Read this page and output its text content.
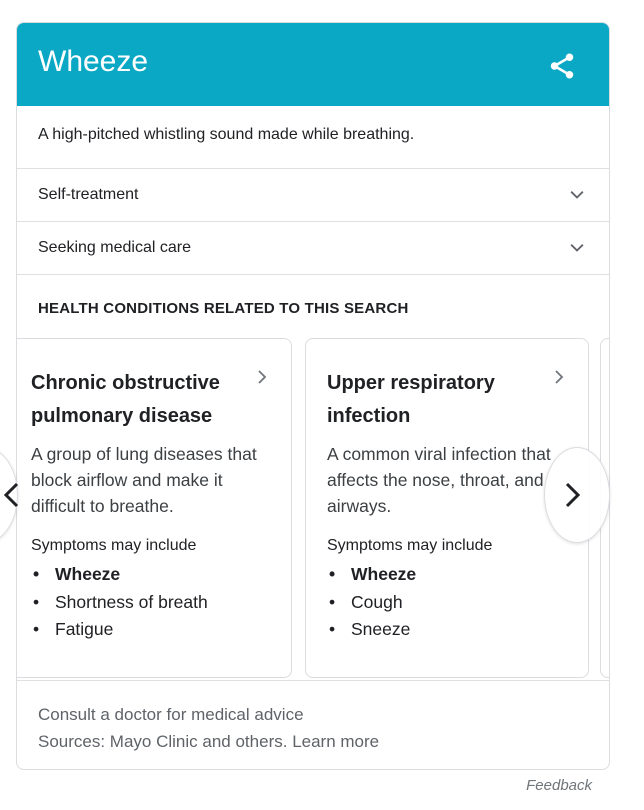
Wheeze
A high-pitched whistling sound made while breathing.
Self-treatment
Seeking medical care
HEALTH CONDITIONS RELATED TO THIS SEARCH
Chronic obstructive pulmonary disease
A group of lung diseases that block airflow and make it difficult to breathe.
Symptoms may include
• Wheeze
• Shortness of breath
• Fatigue
Upper respiratory infection
A common viral infection that affects the nose, throat, and airways.
Symptoms may include
• Wheeze
• Cough
• Sneeze
Consult a doctor for medical advice
Sources: Mayo Clinic and others. Learn more
Feedback
